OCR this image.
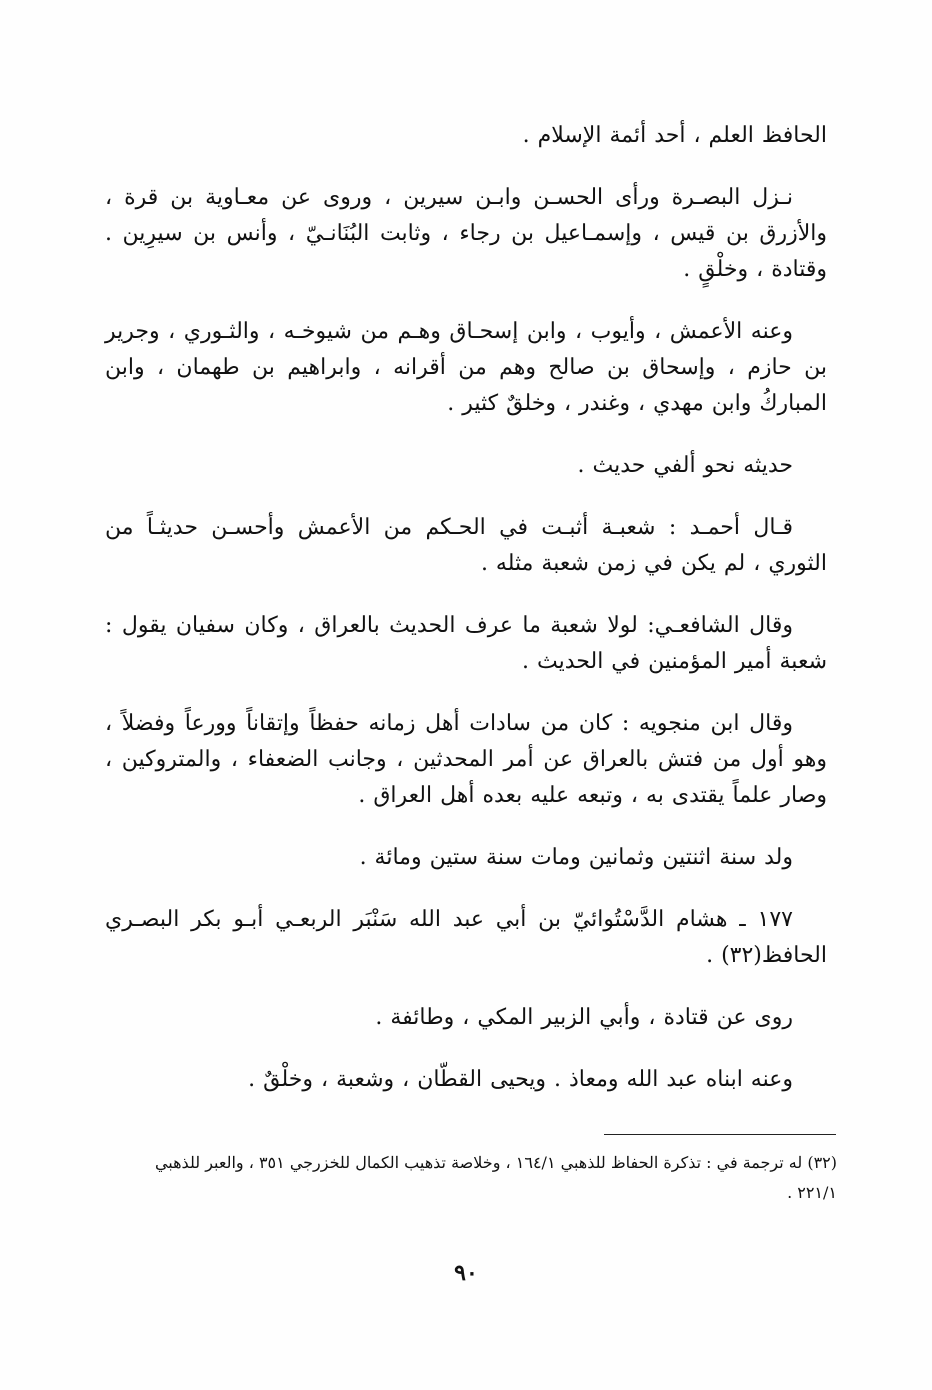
الحافظ العلم ، أحد أئمة الإسلام .

نـزل البصـرة ورأى الحسـن وابـن سيرين ، وروى عن معـاوية بن قرة ، والأزرق بن قيس ، وإسمـاعيل بن رجاء ، وثابت البُنَانـيّ ، وأنس بن سيرِين . وقتادة ، وخلْقٍ .

وعنه الأعمش ، وأيوب ، وابن إسحـاق وهـم من شيوخـه ، والثـوري ، وجرير بن حازم ، وإسحاق بن صالح وهم من أقرانه ، وابراهيم بن طهمان ، وابن المباركُ وابن مهدي ، وغندر ، وخلقٌ كثير .

حديثه نحو ألفي حديث .

قـال أحمـد : شعبـة أثبـت في الحـكم من الأعمش وأحسـن حديثـاً من الثوري ، لم يكن في زمن شعبة مثله .

وقال الشافعـي: لولا شعبة ما عرف الحديث بالعراق ، وكان سفيان يقول : شعبة أمير المؤمنين في الحديث .

وقال ابن منجويه : كان من سادات أهل زمانه حفظاً وإتقاناً وورعاً وفضلاً ، وهو أول من فتش بالعراق عن أمر المحدثين ، وجانب الضعفاء ، والمتروكين ، وصار علماً يقتدى به ، وتبعه عليه بعده أهل العراق .

ولد سنة اثنتين وثمانين ومات سنة ستين ومائة .

١٧٧ ـ هشام الدَّسْتُوائيّ بن أبي عبد الله سَنْبَر الربعـي أبـو بكر البصـري الحافظ(٣٢) .

روى عن قتادة ، وأبي الزبير المكي ، وطائفة .

وعنه ابناه عبد الله ومعاذ . ويحيى القطّان ، وشعبة ، وخلْقٌ .

(٣٢) له ترجمة في : تذكرة الحفاظ للذهبي ١٦٤/١ ، وخلاصة تذهيب الكمال للخزرجي ٣٥١ ، والعبر للذهبي ٢٢١/١ .
٩٠
